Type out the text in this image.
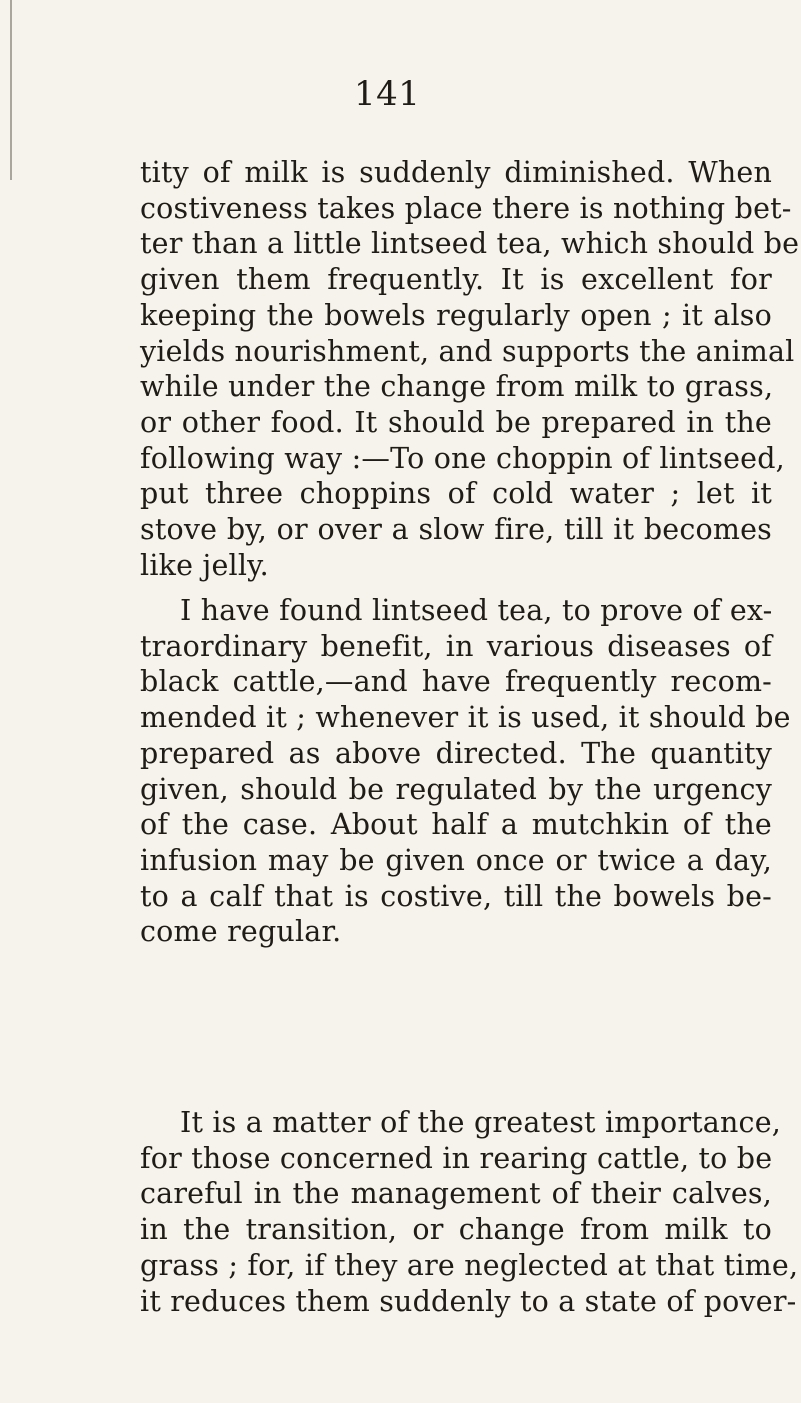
141
tity of milk is suddenly diminished. When
costiveness takes place there is nothing bet-
ter than a little lintseed tea, which should be
given them frequently. It is excellent for
keeping the bowels regularly open ; it also
yields nourishment, and supports the animal
while under the change from milk to grass,
or other food. It should be prepared in the
following way :—To one choppin of lintseed,
put three choppins of cold water ; let it
stove by, or over a slow fire, till it becomes
like jelly.
I have found lintseed tea, to prove of ex-
traordinary benefit, in various diseases of
black cattle,—and have frequently recom-
mended it ; whenever it is used, it should be
prepared as above directed. The quantity
given, should be regulated by the urgency
of the case. About half a mutchkin of the
infusion may be given once or twice a day,
to a calf that is costive, till the bowels be-
come regular.
It is a matter of the greatest importance,
for those concerned in rearing cattle, to be
careful in the management of their calves,
in the transition, or change from milk to
grass ; for, if they are neglected at that time,
it reduces them suddenly to a state of pover-
